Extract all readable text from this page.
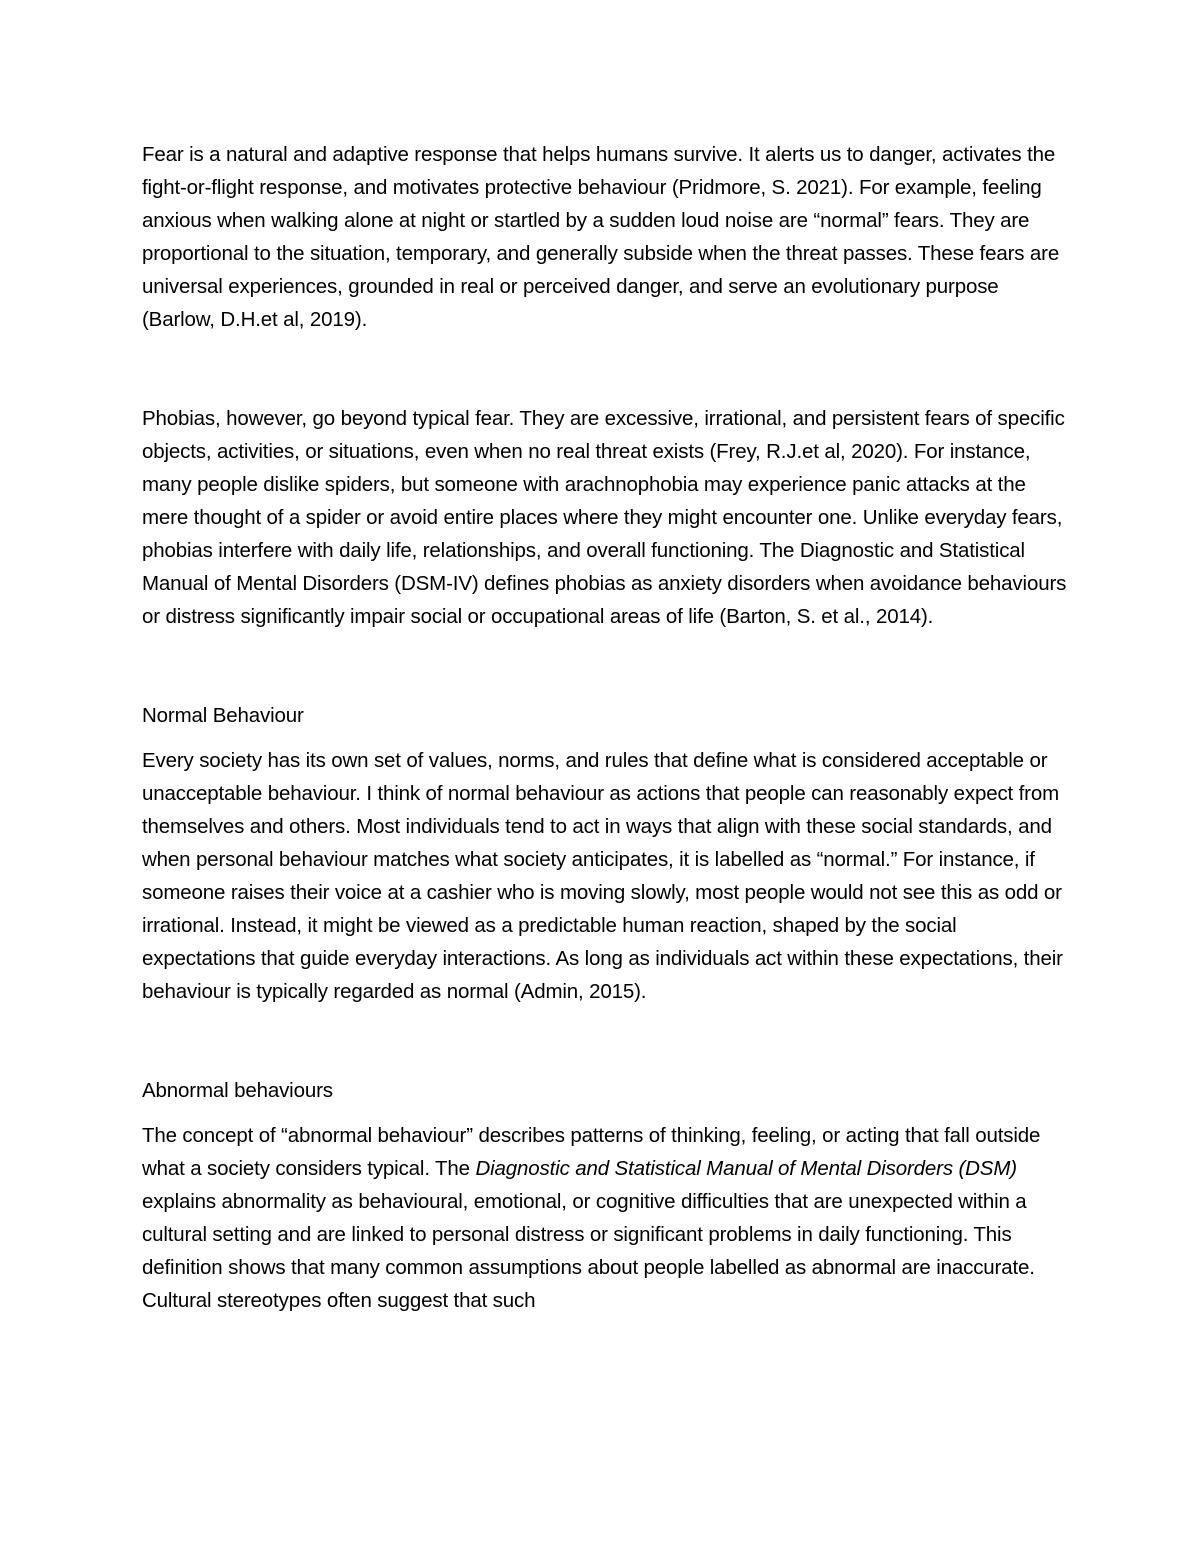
Fear is a natural and adaptive response that helps humans survive. It alerts us to danger, activates the fight-or-flight response, and motivates protective behaviour (Pridmore, S. 2021). For example, feeling anxious when walking alone at night or startled by a sudden loud noise are “normal” fears. They are proportional to the situation, temporary, and generally subside when the threat passes. These fears are universal experiences, grounded in real or perceived danger, and serve an evolutionary purpose (Barlow, D.H.et al, 2019).

Phobias, however, go beyond typical fear. They are excessive, irrational, and persistent fears of specific objects, activities, or situations, even when no real threat exists (Frey, R.J.et al, 2020). For instance, many people dislike spiders, but someone with arachnophobia may experience panic attacks at the mere thought of a spider or avoid entire places where they might encounter one. Unlike everyday fears, phobias interfere with daily life, relationships, and overall functioning. The Diagnostic and Statistical Manual of Mental Disorders (DSM-IV) defines phobias as anxiety disorders when avoidance behaviours or distress significantly impair social or occupational areas of life (Barton, S. et al., 2014).

Normal Behaviour

Every society has its own set of values, norms, and rules that define what is considered acceptable or unacceptable behaviour. I think of normal behaviour as actions that people can reasonably expect from themselves and others. Most individuals tend to act in ways that align with these social standards, and when personal behaviour matches what society anticipates, it is labelled as “normal.” For instance, if someone raises their voice at a cashier who is moving slowly, most people would not see this as odd or irrational. Instead, it might be viewed as a predictable human reaction, shaped by the social expectations that guide everyday interactions. As long as individuals act within these expectations, their behaviour is typically regarded as normal (Admin, 2015).

Abnormal behaviours

The concept of “abnormal behaviour” describes patterns of thinking, feeling, or acting that fall outside what a society considers typical. The Diagnostic and Statistical Manual of Mental Disorders (DSM) explains abnormality as behavioural, emotional, or cognitive difficulties that are unexpected within a cultural setting and are linked to personal distress or significant problems in daily functioning. This definition shows that many common assumptions about people labelled as abnormal are inaccurate. Cultural stereotypes often suggest that such
